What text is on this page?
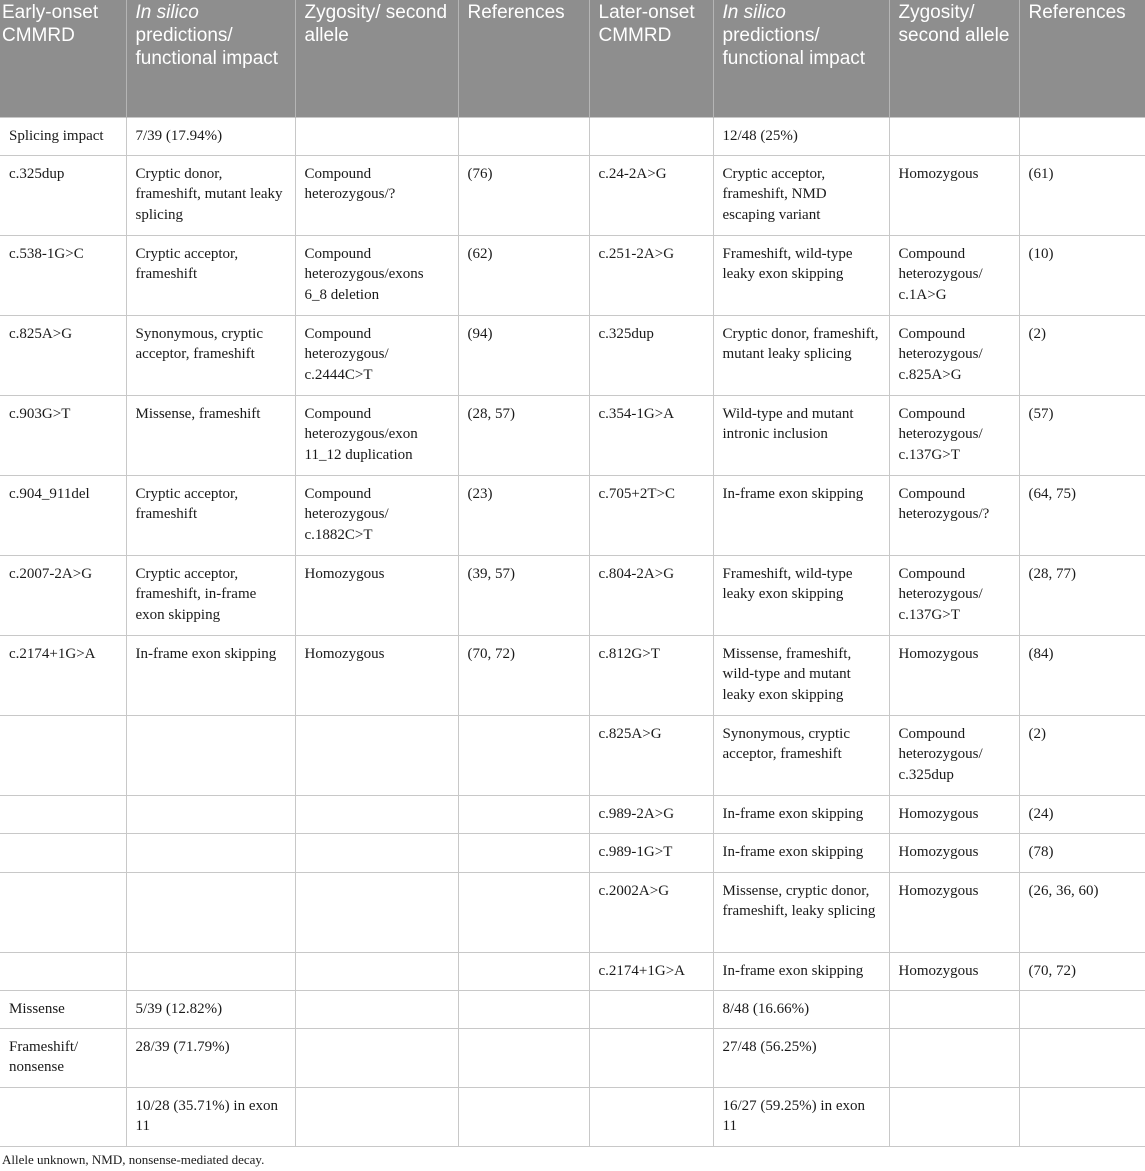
Early-onset CMMRD	In silico predictions/ functional impact	Zygosity/ second allele	References	Later-onset CMMRD	In silico predictions/ functional impact	Zygosity/ second allele	References
Splicing impact	7/39 (17.94%)				12/48 (25%)		
c.325dup	Cryptic donor, frameshift, mutant leaky splicing	Compound heterozygous/?	(76)	c.24-2A>G	Cryptic acceptor, frameshift, NMD escaping variant	Homozygous	(61)
c.538-1G>C	Cryptic acceptor, frameshift	Compound heterozygous/exons 6_8 deletion	(62)	c.251-2A>G	Frameshift, wild-type leaky exon skipping	Compound heterozygous/ c.1A>G	(10)
c.825A>G	Synonymous, cryptic acceptor, frameshift	Compound heterozygous/ c.2444C>T	(94)	c.325dup	Cryptic donor, frameshift, mutant leaky splicing	Compound heterozygous/ c.825A>G	(2)
c.903G>T	Missense, frameshift	Compound heterozygous/exon 11_12 duplication	(28, 57)	c.354-1G>A	Wild-type and mutant intronic inclusion	Compound heterozygous/ c.137G>T	(57)
c.904_911del	Cryptic acceptor, frameshift	Compound heterozygous/ c.1882C>T	(23)	c.705+2T>C	In-frame exon skipping	Compound heterozygous/?	(64, 75)
c.2007-2A>G	Cryptic acceptor, frameshift, in-frame exon skipping	Homozygous	(39, 57)	c.804-2A>G	Frameshift, wild-type leaky exon skipping	Compound heterozygous/ c.137G>T	(28, 77)
c.2174+1G>A	In-frame exon skipping	Homozygous	(70, 72)	c.812G>T	Missense, frameshift, wild-type and mutant leaky exon skipping	Homozygous	(84)
				c.825A>G	Synonymous, cryptic acceptor, frameshift	Compound heterozygous/ c.325dup	(2)
				c.989-2A>G	In-frame exon skipping	Homozygous	(24)
				c.989-1G>T	In-frame exon skipping	Homozygous	(78)
				c.2002A>G	Missense, cryptic donor, frameshift, leaky splicing	Homozygous	(26, 36, 60)
				c.2174+1G>A	In-frame exon skipping	Homozygous	(70, 72)
Missense	5/39 (12.82%)				8/48 (16.66%)		
Frameshift/ nonsense	28/39 (71.79%)				27/48 (56.25%)		
	10/28 (35.71%) in exon 11				16/27 (59.25%) in exon 11		
Allele unknown, NMD, nonsense-mediated decay.
